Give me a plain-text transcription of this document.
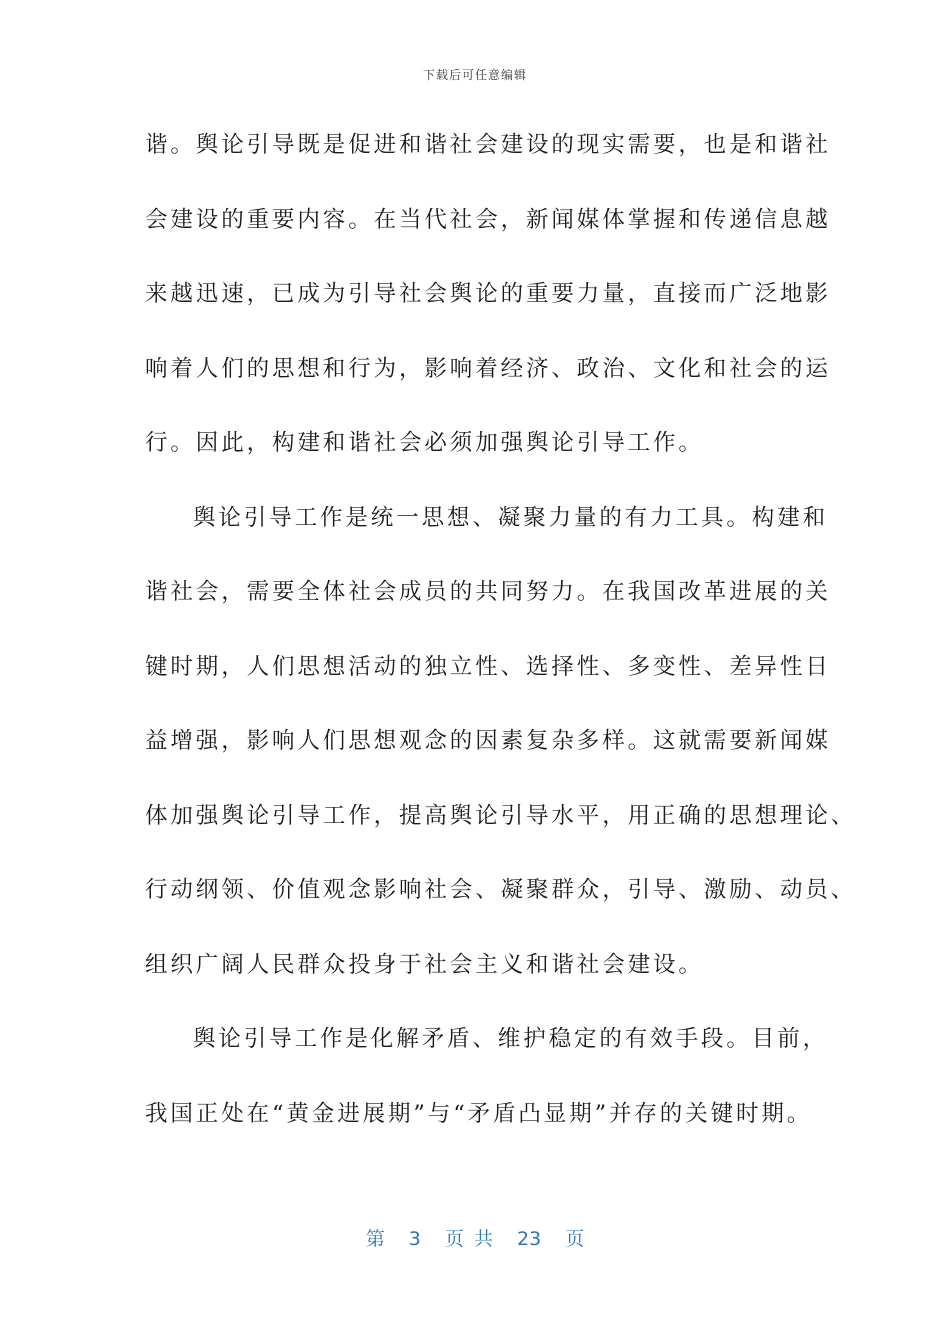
下载后可任意编辑
谐。舆论引导既是促进和谐社会建设的现实需要，也是和谐社
会建设的重要内容。在当代社会，新闻媒体掌握和传递信息越
来越迅速，已成为引导社会舆论的重要力量，直接而广泛地影
响着人们的思想和行为，影响着经济、政治、文化和社会的运
行。因此，构建和谐社会必须加强舆论引导工作。
舆论引导工作是统一思想、凝聚力量的有力工具。构建和
谐社会，需要全体社会成员的共同努力。在我国改革进展的关
键时期，人们思想活动的独立性、选择性、多变性、差异性日
益增强，影响人们思想观念的因素复杂多样。这就需要新闻媒
体加强舆论引导工作，提高舆论引导水平，用正确的思想理论、
行动纲领、价值观念影响社会、凝聚群众，引导、激励、动员、
组织广阔人民群众投身于社会主义和谐社会建设。
舆论引导工作是化解矛盾、维护稳定的有效手段。目前，
我国正处在“黄金进展期”与“矛盾凸显期”并存的关键时期。
第 3 页 共 23 页
